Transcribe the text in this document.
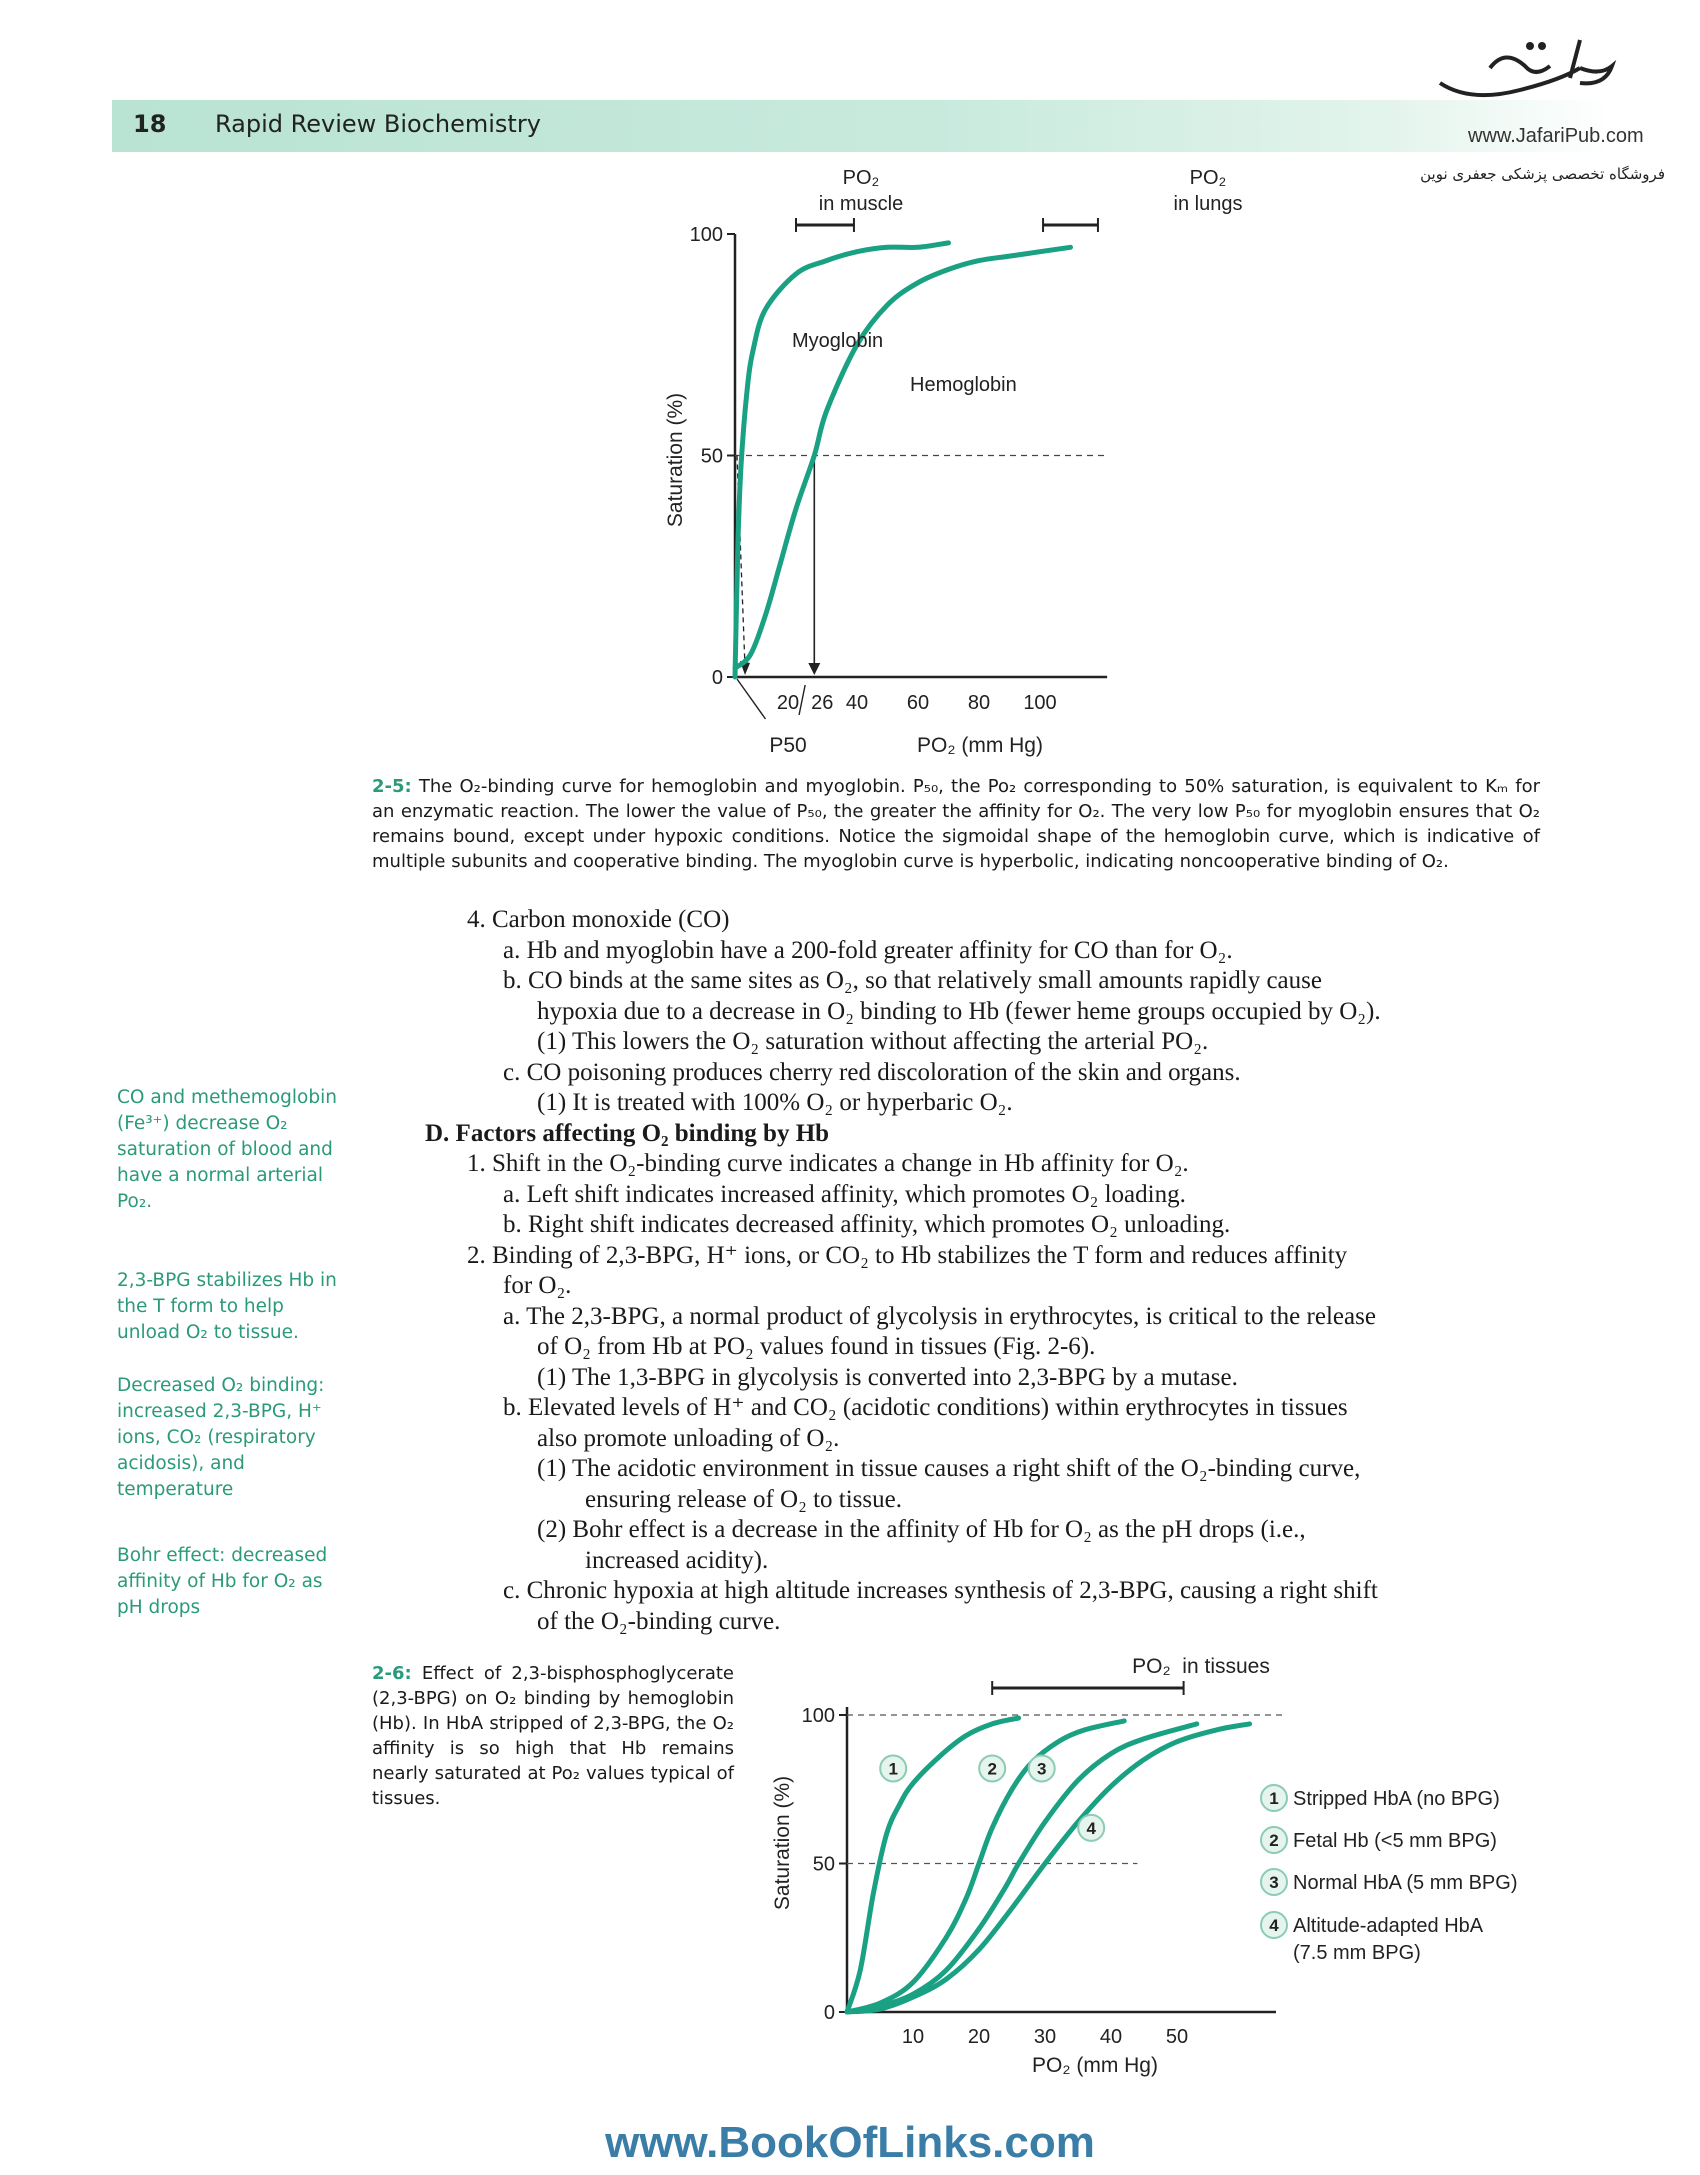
18 Rapid Review Biochemistry	www.JafariPub.com
فروشگاه تخصصی پزشکی جعفری نوین
0
50
100
20 26 40 60 80 100
Saturation (%)
PO₂ (mm Hg)
P50
PO₂
in muscle
PO₂
in lungs
Myoglobin
Hemoglobin
2-5: The O₂-binding curve for hemoglobin and myoglobin. P₅₀, the Po₂ corresponding to 50% saturation, is equivalent to Kₘ for an enzymatic reaction. The lower the value of P₅₀, the greater the affinity for O₂. The very low P₅₀ for myoglobin ensures that O₂ remains bound, except under hypoxic conditions. Notice the sigmoidal shape of the hemoglobin curve, which is indicative of multiple subunits and cooperative binding. The myoglobin curve is hyperbolic, indicating noncooperative binding of O₂.
4. Carbon monoxide (CO)
a. Hb and myoglobin have a 200-fold greater affinity for CO than for O₂.
b. CO binds at the same sites as O₂, so that relatively small amounts rapidly cause
hypoxia due to a decrease in O₂ binding to Hb (fewer heme groups occupied by O₂).
(1) This lowers the O₂ saturation without affecting the arterial PO₂.
c. CO poisoning produces cherry red discoloration of the skin and organs.
(1) It is treated with 100% O₂ or hyperbaric O₂.
D. Factors affecting O₂ binding by Hb
1. Shift in the O₂-binding curve indicates a change in Hb affinity for O₂.
a. Left shift indicates increased affinity, which promotes O₂ loading.
b. Right shift indicates decreased affinity, which promotes O₂ unloading.
2. Binding of 2,3-BPG, H⁺ ions, or CO₂ to Hb stabilizes the T form and reduces affinity
for O₂.
a. The 2,3-BPG, a normal product of glycolysis in erythrocytes, is critical to the release
of O₂ from Hb at PO₂ values found in tissues (Fig. 2-6).
(1) The 1,3-BPG in glycolysis is converted into 2,3-BPG by a mutase.
b. Elevated levels of H⁺ and CO₂ (acidotic conditions) within erythrocytes in tissues
also promote unloading of O₂.
(1) The acidotic environment in tissue causes a right shift of the O₂-binding curve,
ensuring release of O₂ to tissue.
(2) Bohr effect is a decrease in the affinity of Hb for O₂ as the pH drops (i.e.,
increased acidity).
c. Chronic hypoxia at high altitude increases synthesis of 2,3-BPG, causing a right shift
of the O₂-binding curve.
CO and methemoglobin (Fe³⁺) decrease O₂ saturation of blood and have a normal arterial Po₂.
2,3-BPG stabilizes Hb in the T form to help unload O₂ to tissue.
Decreased O₂ binding: increased 2,3-BPG, H⁺ ions, CO₂ (respiratory acidosis), and temperature
Bohr effect: decreased affinity of Hb for O₂ as pH drops
2-6: Effect of 2,3-bisphosphoglycerate (2,3-BPG) on O₂ binding by hemoglobin (Hb). In HbA stripped of 2,3-BPG, the O₂ affinity is so high that Hb remains nearly saturated at Po₂ values typical of tissues.
0
50
100
10 20 30 40 50
1	2 3
4
Saturation (%)
PO₂ (mm Hg)
PO₂  in tissues
1 Stripped HbA (no BPG)
2 Fetal Hb (<5 mm BPG)
3 Normal HbA (5 mm BPG)
4 Altitude-adapted HbA
(7.5 mm BPG)
www.BookOfLinks.com
